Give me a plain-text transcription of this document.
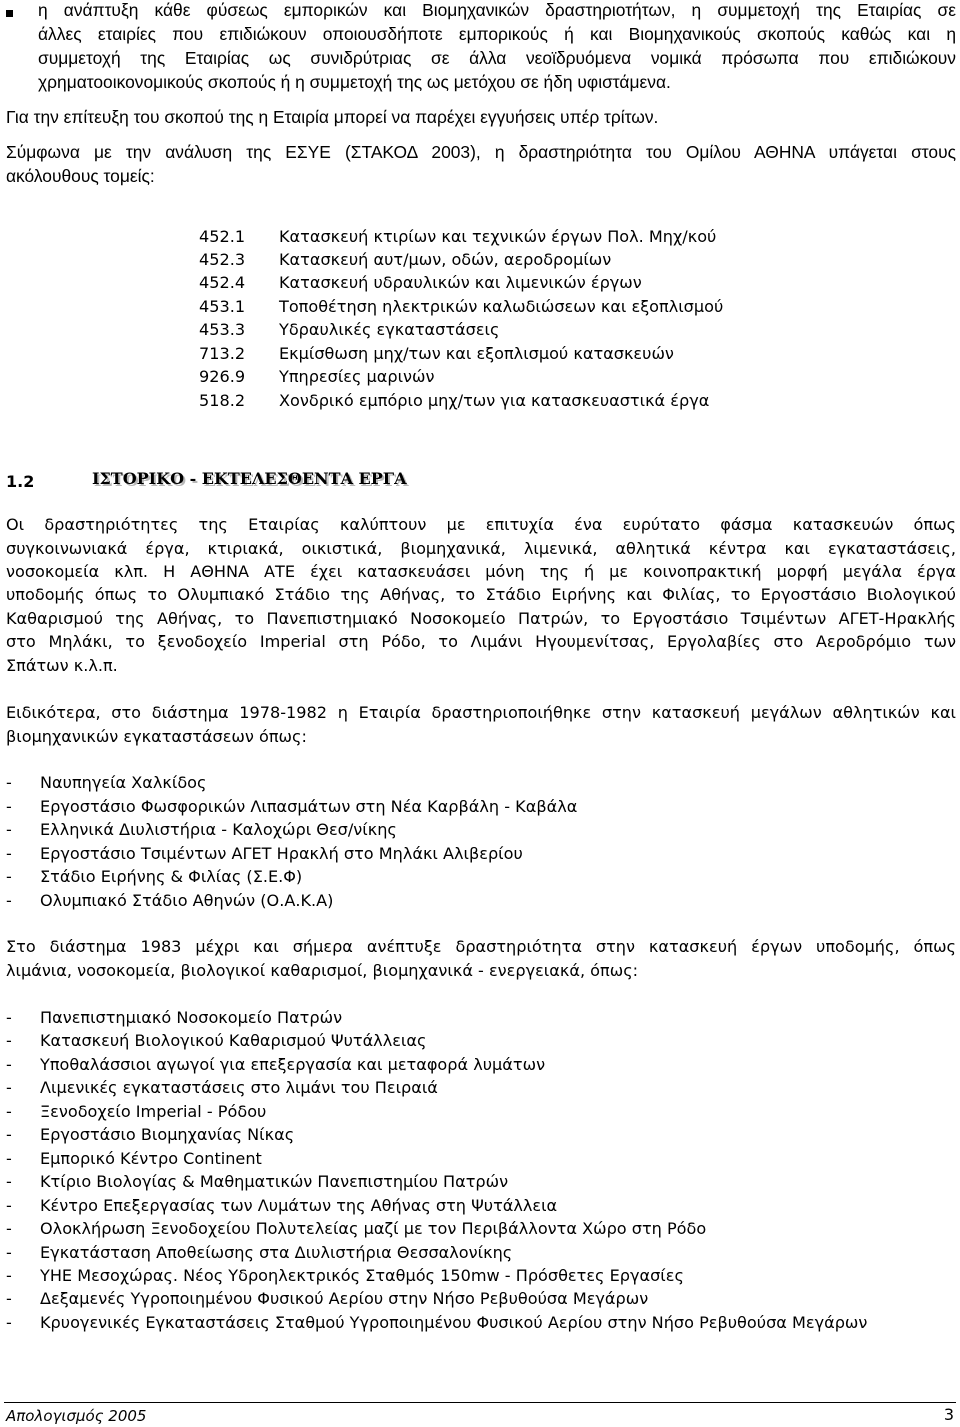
η ανάπτυξη κάθε φύσεως εμπορικών και Βιομηχανικών δραστηριοτήτων, η συμμετοχή της Εταιρίας σε
άλλες εταιρίες που επιδιώκουν οποιουσδήποτε εμπορικούς ή και Βιομηχανικούς σκοπούς καθώς και η
συμμετοχή της Εταιρίας ως συνιδρύτριας σε άλλα νεοϊδρυόμενα νομικά πρόσωπα που επιδιώκουν
χρηματοοικονομικούς σκοπούς ή η συμμετοχή της ως μετόχου σε ήδη υφιστάμενα.
Για την επίτευξη του σκοπού της η Εταιρία μπορεί να παρέχει εγγυήσεις υπέρ τρίτων.
Σύμφωνα με την ανάλυση της ΕΣΥΕ (ΣΤΑΚΟΔ 2003), η δραστηριότητα του Ομίλου ΑΘΗΝΑ υπάγεται στους
ακόλουθους τομείς:
452.1 Κατασκευή κτιρίων και τεχνικών έργων Πολ. Μηχ/κού
452.3 Κατασκευή αυτ/μων, οδών, αεροδρομίων
452.4 Κατασκευή υδραυλικών και λιμενικών έργων
453.1 Τοποθέτηση ηλεκτρικών καλωδιώσεων και εξοπλισμού
453.3 Υδραυλικές εγκαταστάσεις
713.2 Εκμίσθωση μηχ/των και εξοπλισμού κατασκευών
926.9 Υπηρεσίες μαρινών
518.2 Χονδρικό εμπόριο μηχ/των για κατασκευαστικά έργα
1.2	ΙΣΤΟΡΙΚΟ - ΕΚΤΕΛΕΣΘΕΝΤΑ ΕΡΓΑ
Οι δραστηριότητες της Εταιρίας καλύπτουν με επιτυχία ένα ευρύτατο φάσμα κατασκευών όπως
συγκοινωνιακά έργα, κτιριακά, οικιστικά, βιομηχανικά, λιμενικά, αθλητικά κέντρα και εγκαταστάσεις,
νοσοκομεία κλπ. Η ΑΘΗΝΑ ΑΤΕ έχει κατασκευάσει μόνη της ή με κοινοπρακτική μορφή μεγάλα έργα
υποδομής όπως το Ολυμπιακό Στάδιο της Αθήνας, το Στάδιο Ειρήνης και Φιλίας, το Εργοστάσιο Βιολογικού
Καθαρισμού της Αθήνας, το Πανεπιστημιακό Νοσοκομείο Πατρών, το Εργοστάσιο Τσιμέντων ΑΓΕΤ-Ηρακλής
στο Μηλάκι, το ξενοδοχείο Imperial στη Ρόδο, το Λιμάνι Ηγουμενίτσας, Εργολαβίες στο Αεροδρόμιο των
Σπάτων κ.λ.π.
Ειδικότερα, στο διάστημα 1978-1982 η Εταιρία δραστηριοποιήθηκε στην κατασκευή μεγάλων αθλητικών και
βιομηχανικών εγκαταστάσεων όπως:
- Ναυπηγεία Χαλκίδος
- Εργοστάσιο Φωσφορικών Λιπασμάτων στη Νέα Καρβάλη - Καβάλα
- Ελληνικά Διυλιστήρια - Καλοχώρι Θεσ/νίκης
- Εργοστάσιο Τσιμέντων ΑΓΕΤ Ηρακλή στο Μηλάκι Αλιβερίου
- Στάδιο Ειρήνης & Φιλίας (Σ.Ε.Φ)
- Ολυμπιακό Στάδιο Αθηνών (Ο.Α.Κ.Α)
Στο διάστημα 1983 μέχρι και σήμερα ανέπτυξε δραστηριότητα στην κατασκευή έργων υποδομής, όπως
λιμάνια, νοσοκομεία, βιολογικοί καθαρισμοί, βιομηχανικά - ενεργειακά, όπως:
- Πανεπιστημιακό Νοσοκομείο Πατρών
- Κατασκευή Βιολογικού Καθαρισμού Ψυτάλλειας
- Υποθαλάσσιοι αγωγοί για επεξεργασία και μεταφορά λυμάτων
- Λιμενικές εγκαταστάσεις στο λιμάνι του Πειραιά
- Ξενοδοχείο Imperial - Ρόδου
- Εργοστάσιο Βιομηχανίας Νίκας
- Εμπορικό Κέντρο Continent
- Κτίριο Βιολογίας & Μαθηματικών Πανεπιστημίου Πατρών
- Κέντρο Επεξεργασίας των Λυμάτων της Αθήνας στη Ψυτάλλεια
- Ολοκλήρωση Ξενοδοχείου Πολυτελείας μαζί με τον Περιβάλλοντα Χώρο στη Ρόδο
- Εγκατάσταση Αποθείωσης στα Διυλιστήρια Θεσσαλονίκης
- ΥΗΕ Μεσοχώρας. Νέος Υδροηλεκτρικός Σταθμός 150mw - Πρόσθετες Εργασίες
- Δεξαμενές Υγροποιημένου Φυσικού Αερίου στην Νήσο Ρεβυθούσα Μεγάρων
- Κρυογενικές Εγκαταστάσεις Σταθμού Υγροποιημένου Φυσικού Αερίου στην Νήσο Ρεβυθούσα Μεγάρων
Απολογισμός 2005	3
